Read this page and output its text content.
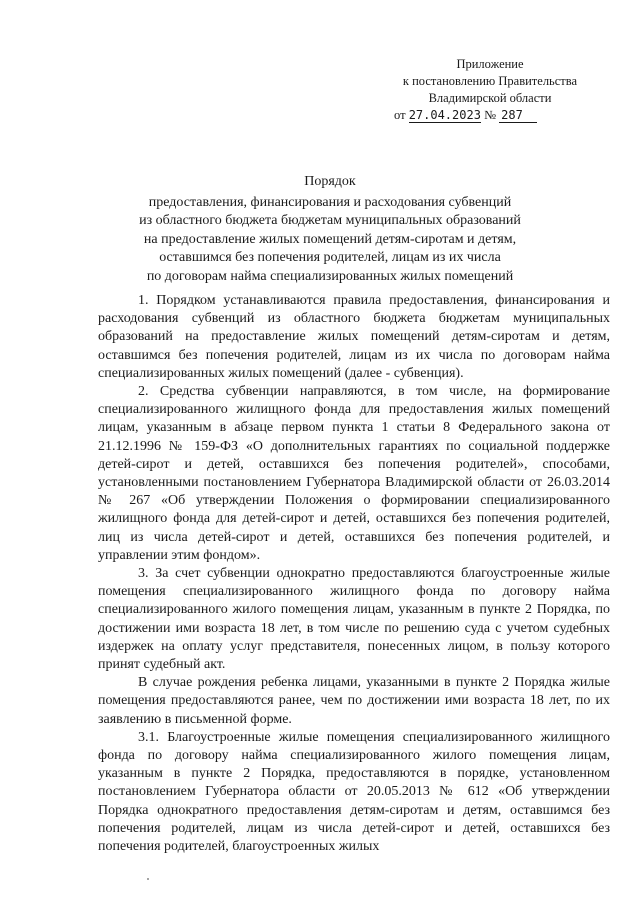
Приложение
к постановлению Правительства
Владимирской области
от 27.04.2023 № 287
Порядок
предоставления, финансирования и расходования субвенций
из областного бюджета бюджетам муниципальных образований
на предоставление жилых помещений детям-сиротам и детям,
оставшимся без попечения родителей, лицам из их числа
по договорам найма специализированных жилых помещений

1. Порядком устанавливаются правила предоставления, финансирования и расходования субвенций из областного бюджета бюджетам муниципальных образований на предоставление жилых помещений детям-сиротам и детям, оставшимся без попечения родителей, лицам из их числа по договорам найма специализированных жилых помещений (далее - субвенция).

2. Средства субвенции направляются, в том числе, на формирование специализированного жилищного фонда для предоставления жилых помещений лицам, указанным в абзаце первом пункта 1 статьи 8 Федерального закона от 21.12.1996 № 159-ФЗ «О дополнительных гарантиях по социальной поддержке детей-сирот и детей, оставшихся без попечения родителей», способами, установленными постановлением Губернатора Владимирской области от 26.03.2014 № 267 «Об утверждении Положения о формировании специализированного жилищного фонда для детей-сирот и детей, оставшихся без попечения родителей, лиц из числа детей-сирот и детей, оставшихся без попечения родителей, и управлении этим фондом».

3. За счет субвенции однократно предоставляются благоустроенные жилые помещения специализированного жилищного фонда по договору найма специализированного жилого помещения лицам, указанным в пункте 2 Порядка, по достижении ими возраста 18 лет, в том числе по решению суда с учетом судебных издержек на оплату услуг представителя, понесенных лицом, в пользу которого принят судебный акт.

В случае рождения ребенка лицами, указанными в пункте 2 Порядка жилые помещения предоставляются ранее, чем по достижении ими возраста 18 лет, по их заявлению в письменной форме.

3.1. Благоустроенные жилые помещения специализированного жилищного фонда по договору найма специализированного жилого помещения лицам, указанным в пункте 2 Порядка, предоставляются в порядке, установленном постановлением Губернатора области от 20.05.2013 № 612 «Об утверждении Порядка однократного предоставления детям-сиротам и детям, оставшимся без попечения родителей, лицам из числа детей-сирот и детей, оставшихся без попечения родителей, благоустроенных жилых
